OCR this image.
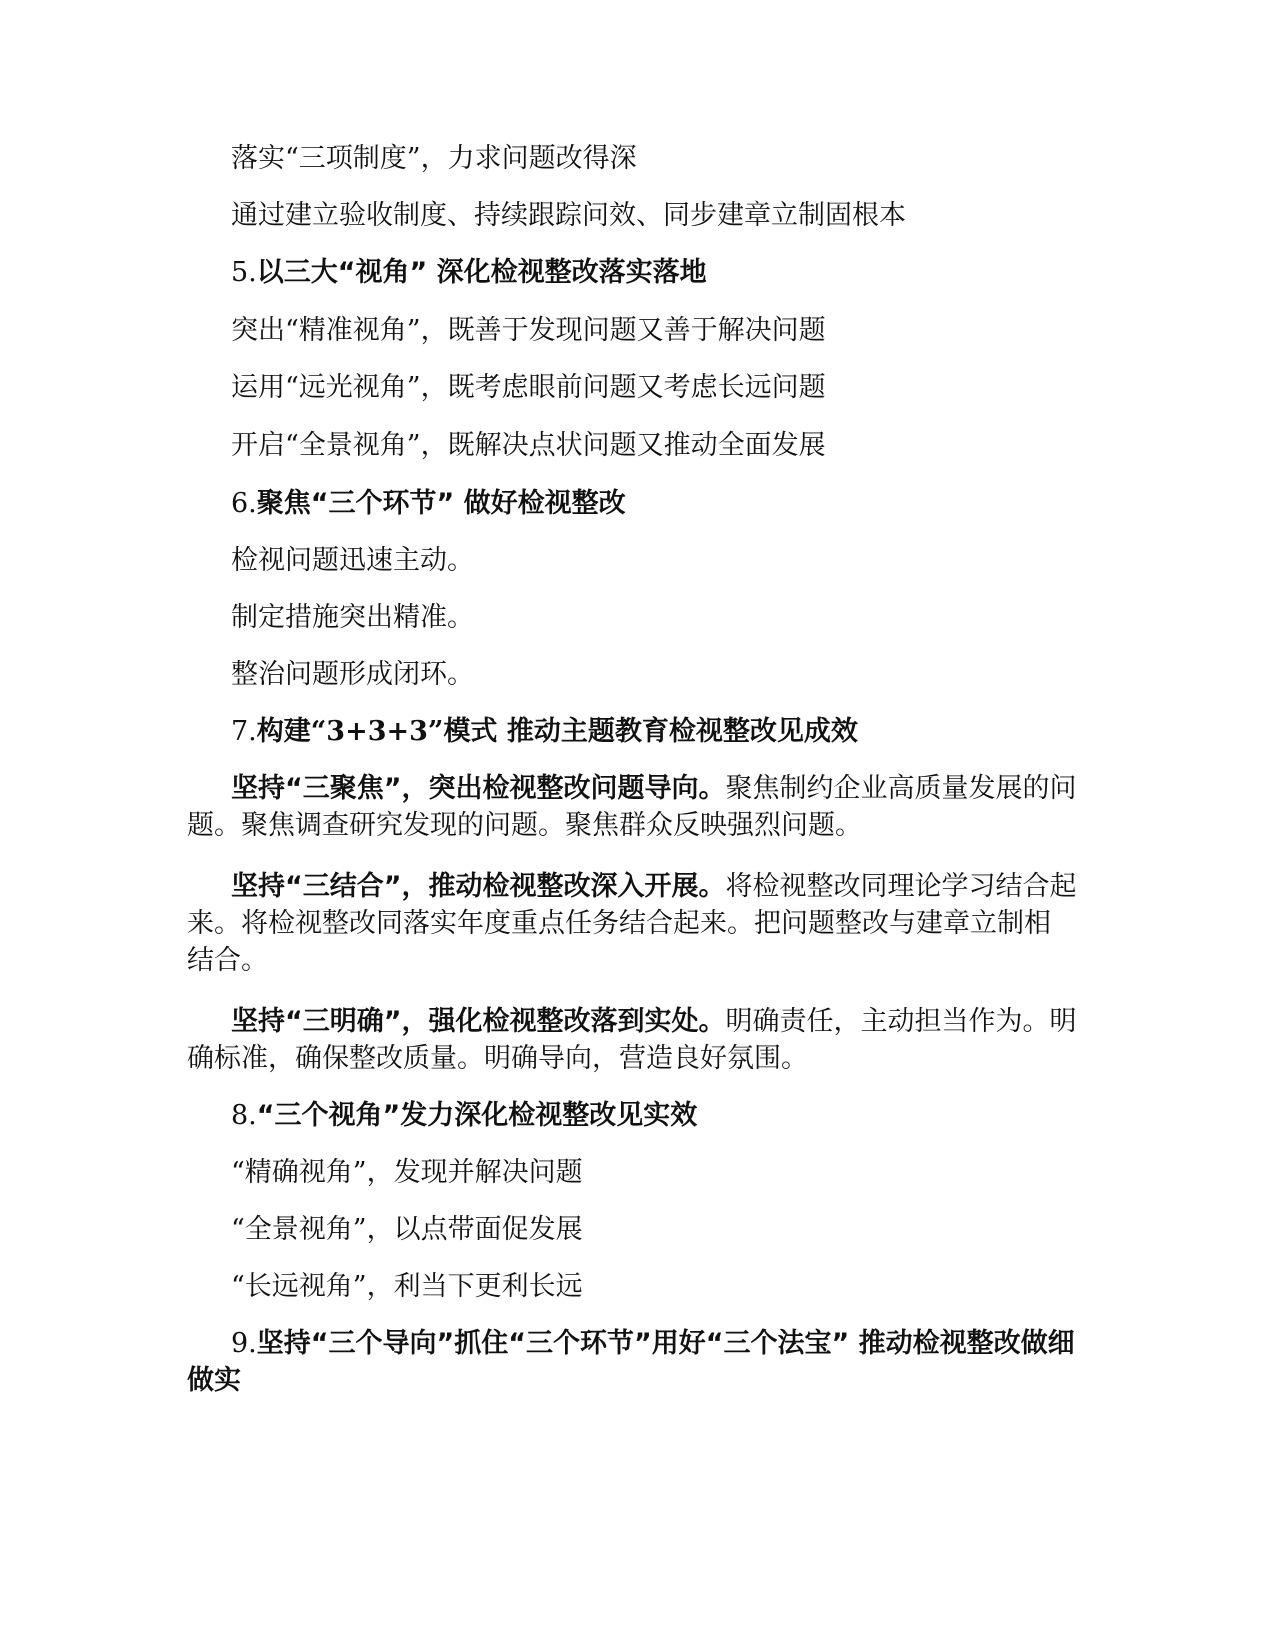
落实“三项制度”，力求问题改得深

通过建立验收制度、持续跟踪问效、同步建章立制固根本

5.以三大“视角” 深化检视整改落实落地

突出“精准视角”，既善于发现问题又善于解决问题

运用“远光视角”，既考虑眼前问题又考虑长远问题

开启“全景视角”，既解决点状问题又推动全面发展

6.聚焦“三个环节” 做好检视整改

检视问题迅速主动。

制定措施突出精准。

整治问题形成闭环。

7.构建“3+3+3”模式 推动主题教育检视整改见成效

坚持“三聚焦”，突出检视整改问题导向。聚焦制约企业高质量发展的问题。聚焦调查研究发现的问题。聚焦群众反映强烈问题。

坚持“三结合”，推动检视整改深入开展。将检视整改同理论学习结合起来。将检视整改同落实年度重点任务结合起来。把问题整改与建章立制相结合。

坚持“三明确”，强化检视整改落到实处。明确责任，主动担当作为。明确标准，确保整改质量。明确导向，营造良好氛围。

8.“三个视角”发力深化检视整改见实效

“精确视角”，发现并解决问题

“全景视角”，以点带面促发展

“长远视角”，利当下更利长远

9.坚持“三个导向”抓住“三个环节”用好“三个法宝” 推动检视整改做细做实
